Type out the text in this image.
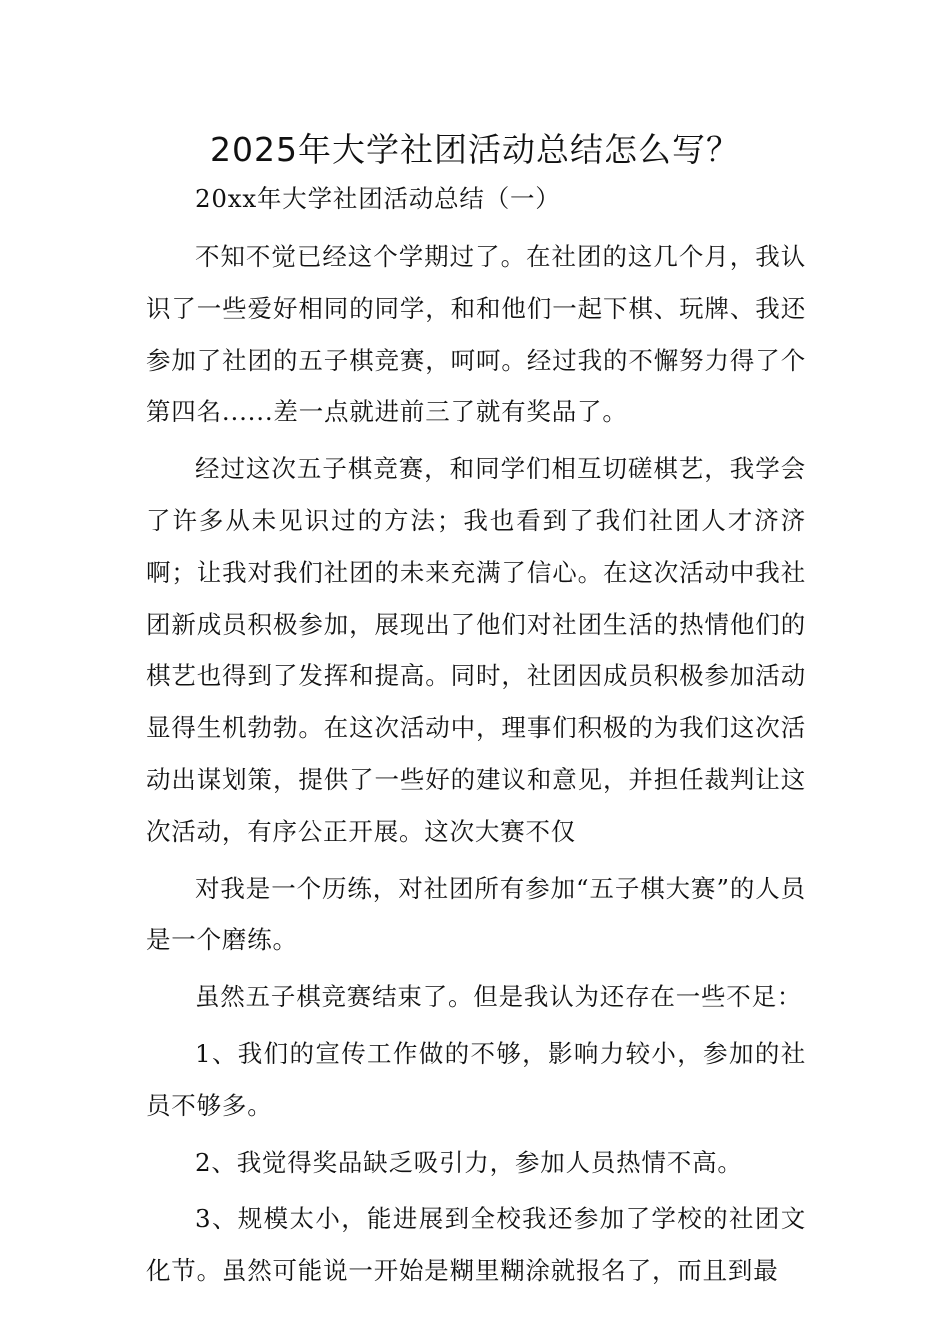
2025年大学社团活动总结怎么写？

20xx年大学社团活动总结（一）

不知不觉已经这个学期过了。在社团的这几个月，我认识了一些爱好相同的同学，和和他们一起下棋、玩牌、我还参加了社团的五子棋竞赛，呵呵。经过我的不懈努力得了个第四名......差一点就进前三了就有奖品了。

经过这次五子棋竞赛，和同学们相互切磋棋艺，我学会了许多从未见识过的方法；我也看到了我们社团人才济济啊；让我对我们社团的未来充满了信心。在这次活动中我社团新成员积极参加，展现出了他们对社团生活的热情他们的棋艺也得到了发挥和提高。同时，社团因成员积极参加活动显得生机勃勃。在这次活动中，理事们积极的为我们这次活动出谋划策，提供了一些好的建议和意见，并担任裁判让这次活动，有序公正开展。这次大赛不仅

对我是一个历练，对社团所有参加“五子棋大赛”的人员是一个磨练。

虽然五子棋竞赛结束了。但是我认为还存在一些不足：

1、我们的宣传工作做的不够，影响力较小，参加的社员不够多。

2、我觉得奖品缺乏吸引力，参加人员热情不高。

3、规模太小，能进展到全校我还参加了学校的社团文化节。虽然可能说一开始是糊里糊涂就报名了，而且到最
